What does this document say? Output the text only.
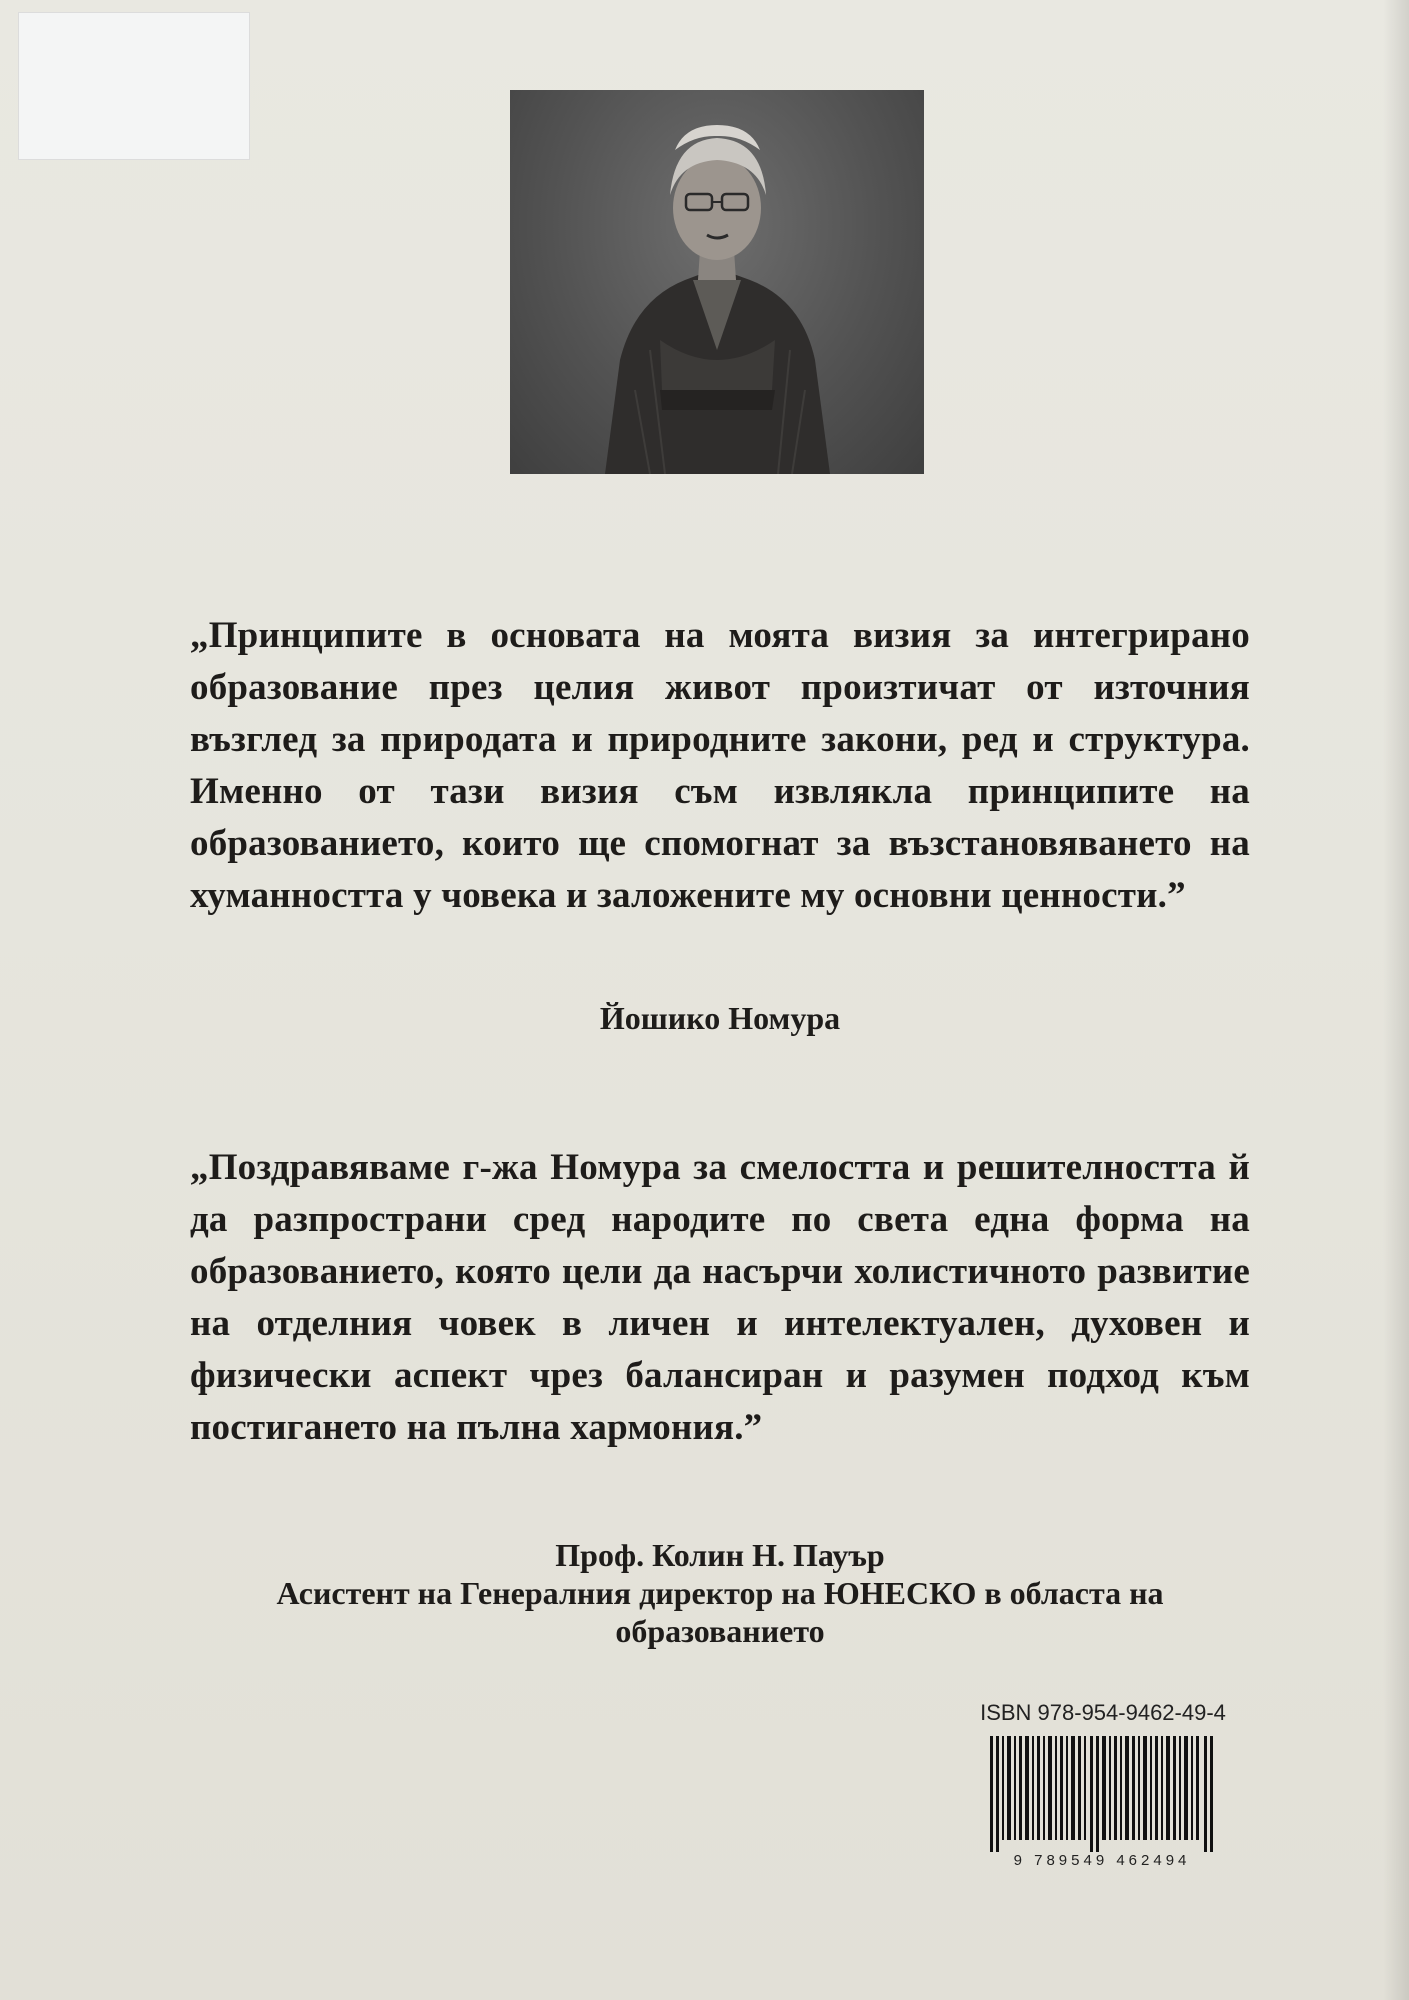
„Принципите в основата на моята визия за интегрирано образование през целия живот произтичат от източния възглед за природата и природните закони, ред и структура. Именно от тази визия съм извлякла принципите на образованието, които ще спомогнат за възстановяването на хуманността у човека и заложените му основни ценности.”

Йошико Номура

„Поздравяваме г-жа Номура за смелостта и решителността й да разпространи сред народите по света една форма на образованието, която цели да насърчи холистичното развитие на отделния човек в личен и интелектуален, духовен и физически аспект чрез балансиран и разумен подход към постигането на пълна хармония.”

Проф. Колин Н. Пауър
Асистент на Генералния директор на ЮНЕСКО в областа на образованието
ISBN 978-954-9462-49-4
9 789549 462494
